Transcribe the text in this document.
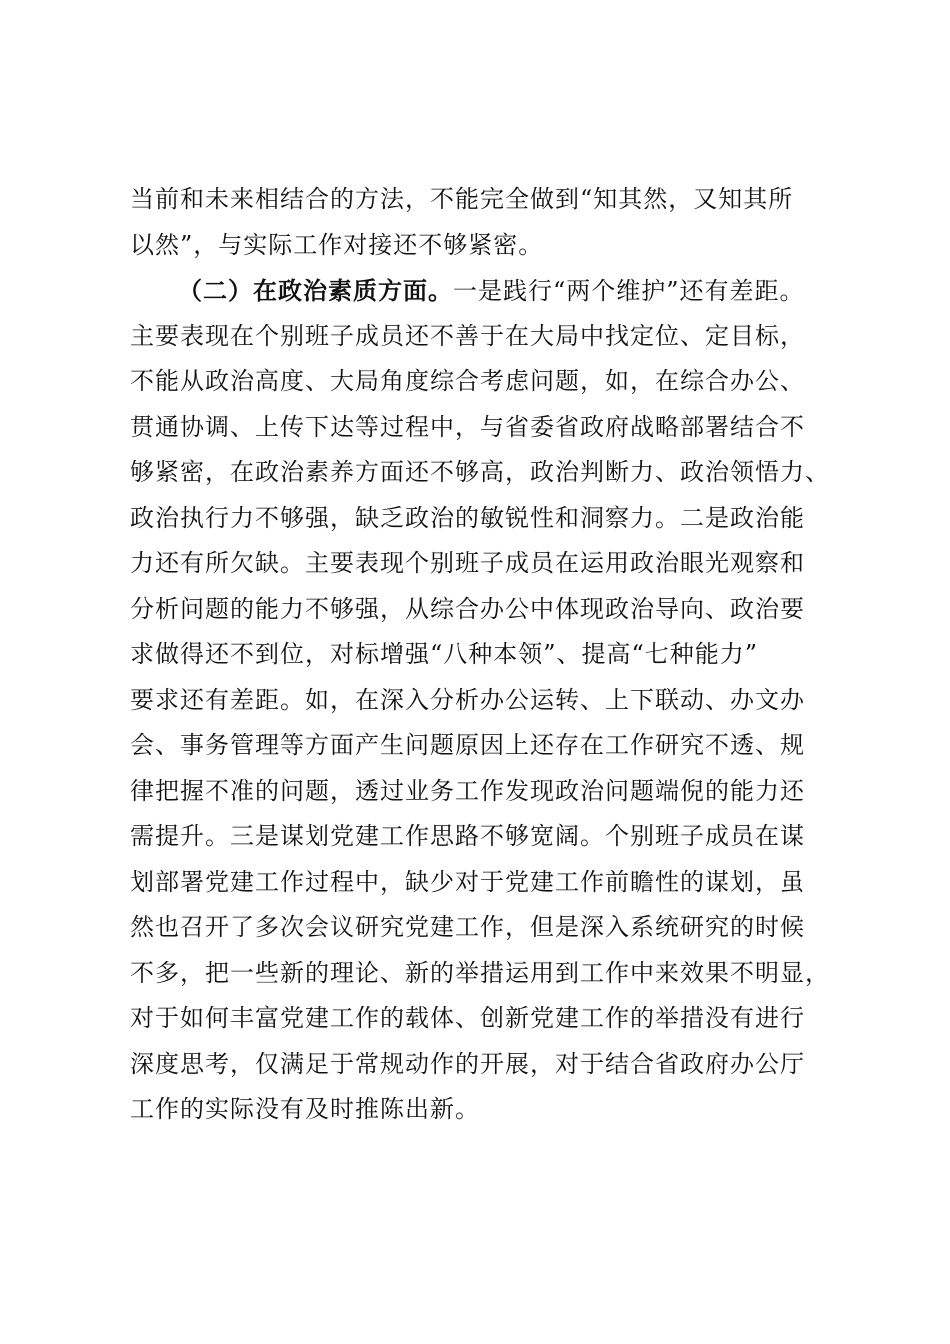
当前和未来相结合的方法，不能完全做到“知其然，又知其所
以然”，与实际工作对接还不够紧密。
（二）在政治素质方面。一是践行“两个维护”还有差距。
主要表现在个别班子成员还不善于在大局中找定位、定目标，
不能从政治高度、大局角度综合考虑问题，如，在综合办公、
贯通协调、上传下达等过程中，与省委省政府战略部署结合不
够紧密，在政治素养方面还不够高，政治判断力、政治领悟力、
政治执行力不够强，缺乏政治的敏锐性和洞察力。二是政治能
力还有所欠缺。主要表现个别班子成员在运用政治眼光观察和
分析问题的能力不够强，从综合办公中体现政治导向、政治要
求做得还不到位，对标增强“八种本领”、提高“七种能力”
要求还有差距。如，在深入分析办公运转、上下联动、办文办
会、事务管理等方面产生问题原因上还存在工作研究不透、规
律把握不准的问题，透过业务工作发现政治问题端倪的能力还
需提升。三是谋划党建工作思路不够宽阔。个别班子成员在谋
划部署党建工作过程中，缺少对于党建工作前瞻性的谋划，虽
然也召开了多次会议研究党建工作，但是深入系统研究的时候
不多，把一些新的理论、新的举措运用到工作中来效果不明显，
对于如何丰富党建工作的载体、创新党建工作的举措没有进行
深度思考，仅满足于常规动作的开展，对于结合省政府办公厅
工作的实际没有及时推陈出新。
